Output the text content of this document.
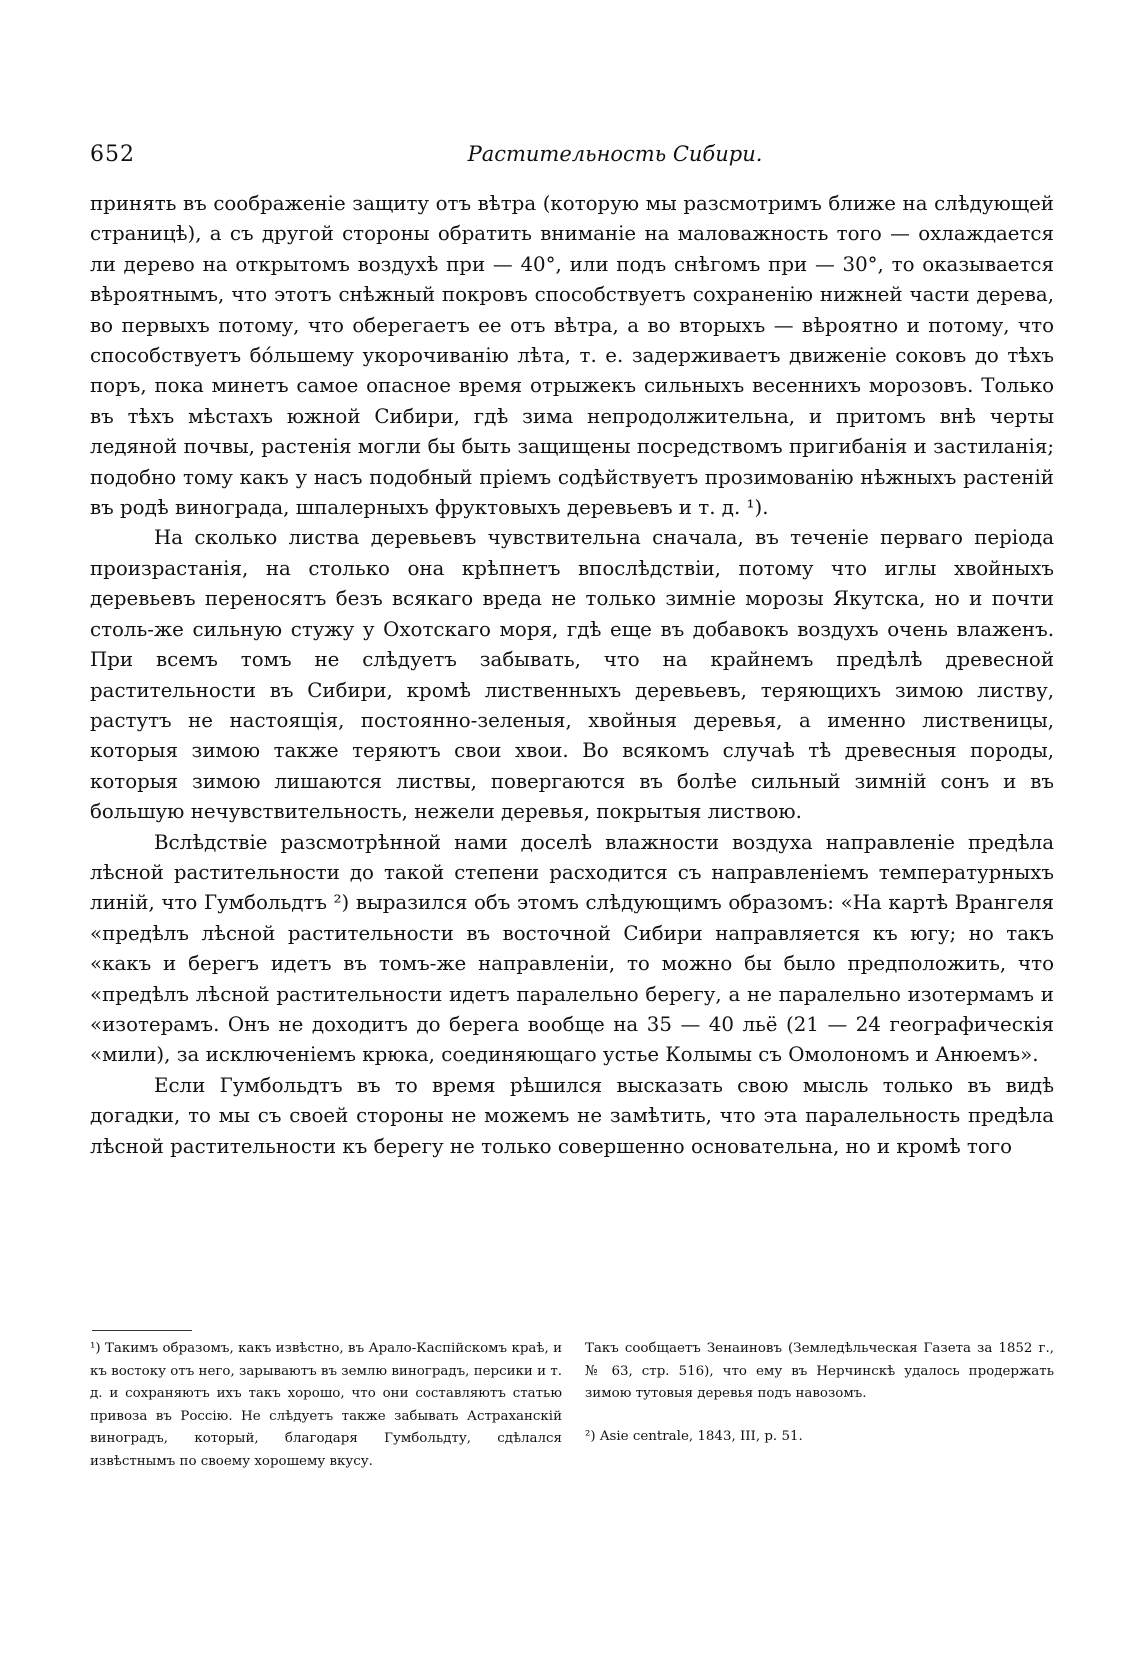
652	Растительность Сибири.

принять въ соображеніе защиту отъ вѣтра (которую мы разсмотримъ ближе на слѣдующей страницѣ), а съ другой стороны обратить вниманіе на маловажность того — охлаждается ли дерево на открытомъ воздухѣ при — 40°, или подъ снѣгомъ при — 30°, то оказывается вѣроятнымъ, что этотъ снѣжный покровъ способствуетъ сохраненію нижней части дерева, во первыхъ потому, что оберегаетъ ее отъ вѣтра, а во вторыхъ — вѣроятно и потому, что способствуетъ бо́льшему укорочиванію лѣта, т. е. задерживаетъ движеніе соковъ до тѣхъ поръ, пока минетъ самое опасное время отрыжекъ сильныхъ весеннихъ морозовъ. Только въ тѣхъ мѣстахъ южной Сибири, гдѣ зима непродолжительна, и притомъ внѣ черты ледяной почвы, растенія могли бы быть защищены посредствомъ пригибанія и застиланія; подобно тому какъ у насъ подобный пріемъ содѣйствуетъ прозимованію нѣжныхъ растеній въ родѣ винограда, шпалерныхъ фруктовыхъ деревьевъ и т. д. ¹).

На сколько листва деревьевъ чувствительна сначала, въ теченіе перваго періода произрастанія, на столько она крѣпнетъ впослѣдствіи, потому что иглы хвойныхъ деревьевъ переносятъ безъ всякаго вреда не только зимніе морозы Якутска, но и почти столь-же сильную стужу у Охотскаго моря, гдѣ еще въ добавокъ воздухъ очень влаженъ. При всемъ томъ не слѣдуетъ забывать, что на крайнемъ предѣлѣ древесной растительности въ Сибири, кромѣ лиственныхъ деревьевъ, теряющихъ зимою листву, растутъ не настоящія, постоянно-зеленыя, хвойныя деревья, а именно лиственицы, которыя зимою также теряютъ свои хвои. Во всякомъ случаѣ тѣ древесныя породы, которыя зимою лишаются листвы, повергаются въ болѣе сильный зимній сонъ и въ большую нечувствительность, нежели деревья, покрытыя листвою.

Вслѣдствіе разсмотрѣнной нами доселѣ влажности воздуха направленіе предѣла лѣсной растительности до такой степени расходится съ направленіемъ температурныхъ линій, что Гумбольдтъ ²) выразился объ этомъ слѣдующимъ образомъ: «На картѣ Врангеля «предѣлъ лѣсной растительности въ восточной Сибири направляется къ югу; но такъ «какъ и берегъ идетъ въ томъ-же направленіи, то можно бы было предположить, что «предѣлъ лѣсной растительности идетъ паралельно берегу, а не паралельно изотермамъ и «изотерамъ. Онъ не доходитъ до берега вообще на 35 — 40 льё (21 — 24 географическія «мили), за исключеніемъ крюка, соединяющаго устье Колымы съ Омолономъ и Анюемъ».

Если Гумбольдтъ въ то время рѣшился высказать свою мысль только въ видѣ догадки, то мы съ своей стороны не можемъ не замѣтить, что эта паралельность предѣла лѣсной растительности къ берегу не только совершенно основательна, но и кромѣ того

¹) Такимъ образомъ, какъ извѣстно, въ Арало-Каспійскомъ краѣ, и къ востоку отъ него, зарываютъ въ землю виноградъ, персики и т. д. и сохраняютъ ихъ такъ хорошо, что они составляютъ статью привоза въ Россію. Не слѣдуетъ также забывать Астраханскій виноградъ, который, благодаря Гумбольдту, сдѣлался извѣстнымъ по своему хорошему вкусу.

Такъ сообщаетъ Зенаиновъ (Земледѣльческая Газета за 1852 г., № 63, стр. 516), что ему въ Нерчинскѣ удалось продержать зимою тутовыя деревья подъ навозомъ.

²) Asie centrale, 1843, III, p. 51.
